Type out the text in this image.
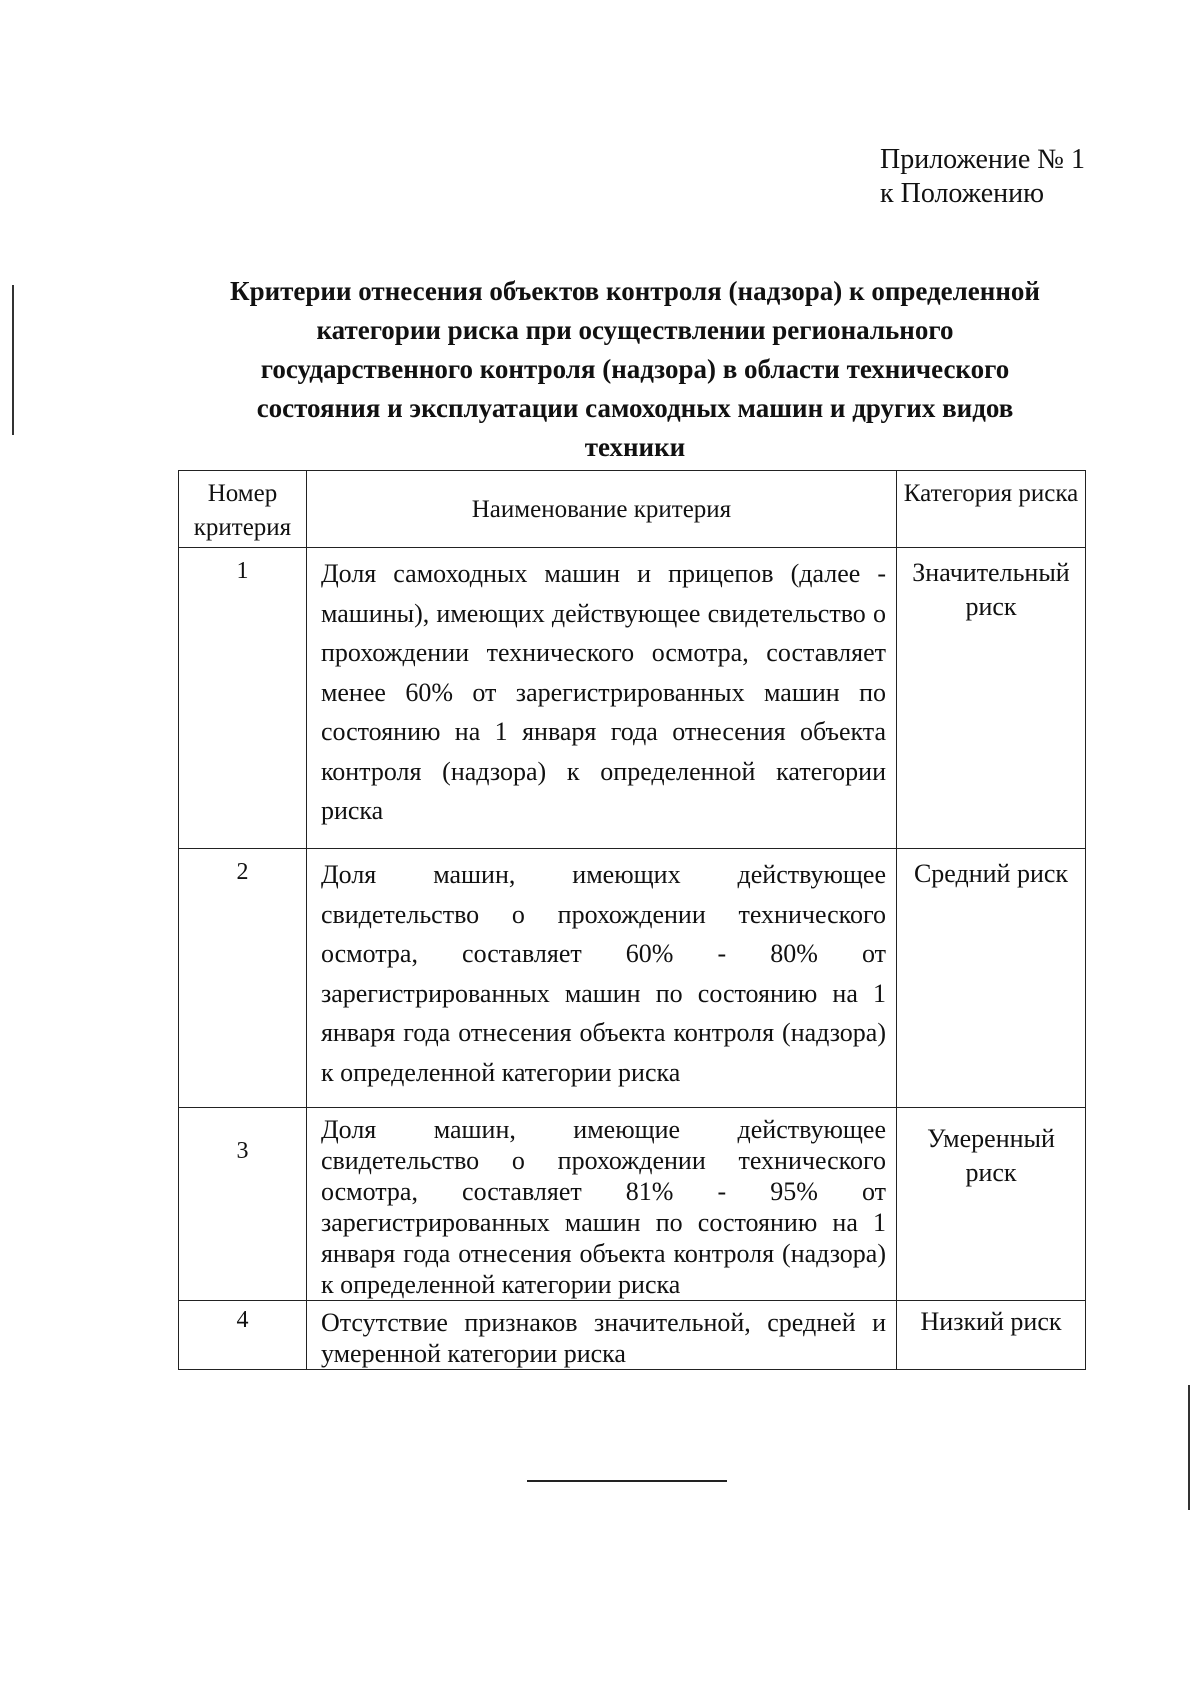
Приложение № 1
к Положению
Критерии отнесения объектов контроля (надзора) к определенной
категории риска при осуществлении регионального
государственного контроля (надзора) в области технического
состояния и эксплуатации самоходных машин и других видов
техники
Номер критерия	Наименование критерия	Категория риска

1	Доля самоходных машин и прицепов (далее - машины), имеющих действующее свидетельство о прохождении технического осмотра, составляет менее 60% от зарегистрированных машин по состоянию на 1 января года отнесения объекта контроля (надзора) к определенной категории риска	Значительный риск

2	Доля машин, имеющих действующее свидетельство о прохождении технического осмотра, составляет 60% - 80% от зарегистрированных машин по состоянию на 1 января года отнесения объекта контроля (надзора) к определенной категории риска	Средний риск

3	Доля машин, имеющие действующее свидетельство о прохождении технического осмотра, составляет 81% - 95% от зарегистрированных машин по состоянию на 1 января года отнесения объекта контроля (надзора) к определенной категории риска	Умеренный риск

4	Отсутствие признаков значительной, средней и умеренной категории риска	Низкий риск
